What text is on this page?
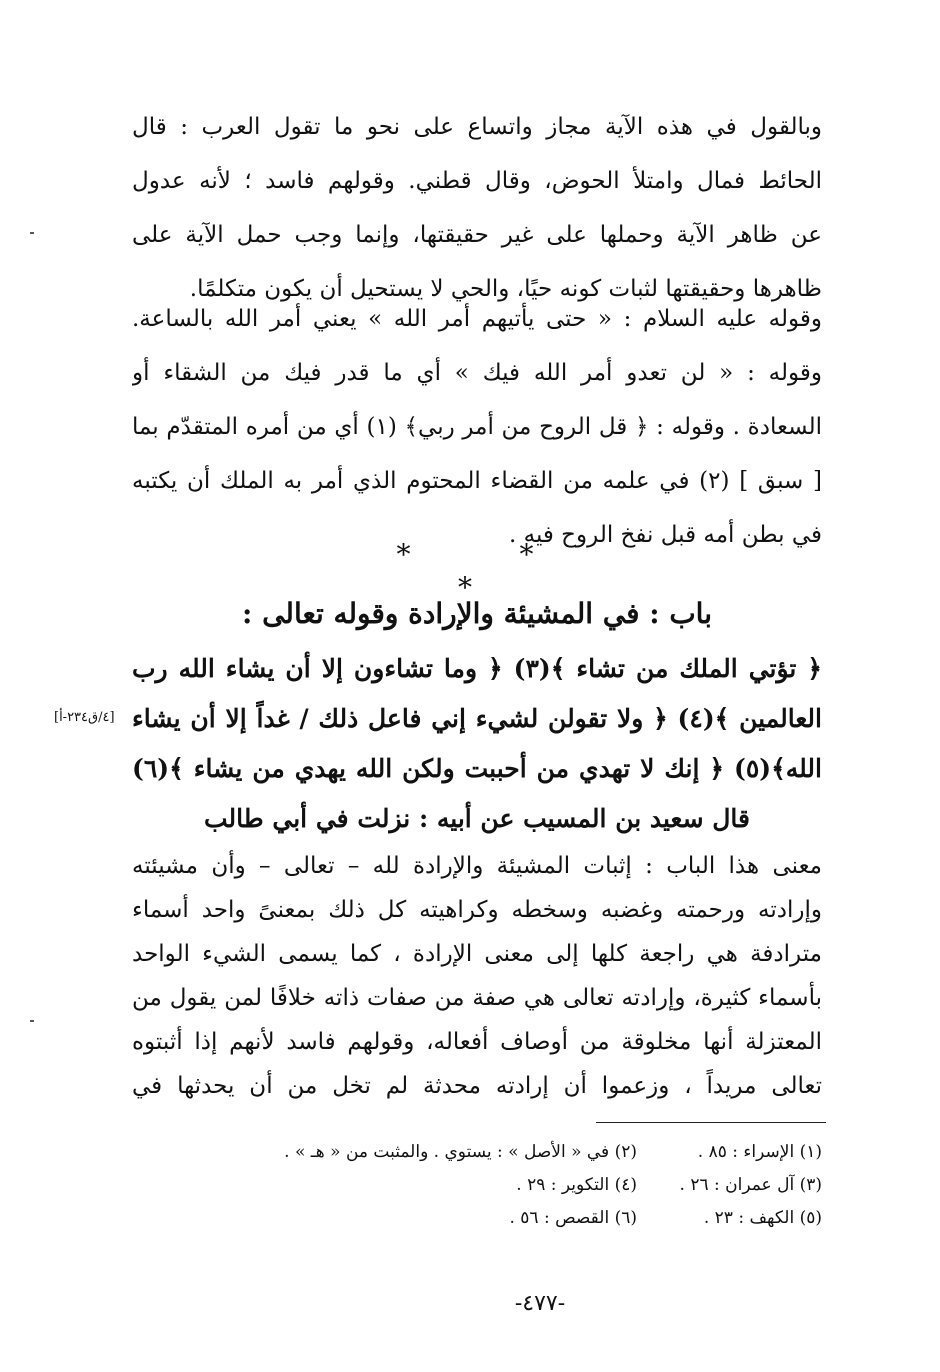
وبالقول في هذه الآية مجاز واتساع على نحو ما تقول العرب : قال
الحائط فمال وامتلأ الحوض، وقال قطني. وقولهم فاسد ؛ لأنه عدول
عن ظاهر الآية وحملها على غير حقيقتها، وإنما وجب حمل الآية على
ظاهرها وحقيقتها لثبات كونه حيًا، والحي لا يستحيل أن يكون متكلمًا.
وقوله عليه السلام : « حتى يأتيهم أمر الله » يعني أمر الله بالساعة.
وقوله : « لن تعدو أمر الله فيك » أي ما قدر فيك من الشقاء أو
السعادة . وقوله : ﴿ قل الروح من أمر ربي﴾ (١) أي من أمره المتقدّم بما
[ سبق ] (٢) في علمه من القضاء المحتوم الذي أمر به الملك أن يكتبه
في بطن أمه قبل نفخ الروح فيه .
* * *
باب : في المشيئة والإرادة وقوله تعالى :
﴿ تؤتي الملك من تشاء ﴾(٣) ﴿ وما تشاءون إلا أن يشاء الله رب
العالمين ﴾(٤) ﴿ ولا تقولن لشيء إني فاعل ذلك / غداً إلا أن يشاء
الله﴾(٥) ﴿ إنك لا تهدي من أحببت ولكن الله يهدي من يشاء ﴾(٦)
قال سعيد بن المسيب عن أبيه : نزلت في أبي طالب
[٤/ق٢٣٤-أ]
معنى هذا الباب : إثبات المشيئة والإرادة لله – تعالى – وأن مشيئته
وإرادته ورحمته وغضبه وسخطه وكراهيته كل ذلك بمعنىً واحد أسماء
مترادفة هي راجعة كلها إلى معنى الإرادة ، كما يسمى الشيء الواحد
بأسماء كثيرة، وإرادته تعالى هي صفة من صفات ذاته خلافًا لمن يقول من
المعتزلة أنها مخلوقة من أوصاف أفعاله، وقولهم فاسد لأنهم إذا أثبتوه
تعالى مريداً ، وزعموا أن إرادته محدثة لم تخل من أن يحدثها في
(١) الإسراء : ٨٥ .(٢) في « الأصل » : يستوي . والمثبت من « هـ » .
(٣) آل عمران : ٢٦ .(٤) التكوير : ٢٩ .
(٥) الكهف : ٢٣ .(٦) القصص : ٥٦ .
-٤٧٧-
